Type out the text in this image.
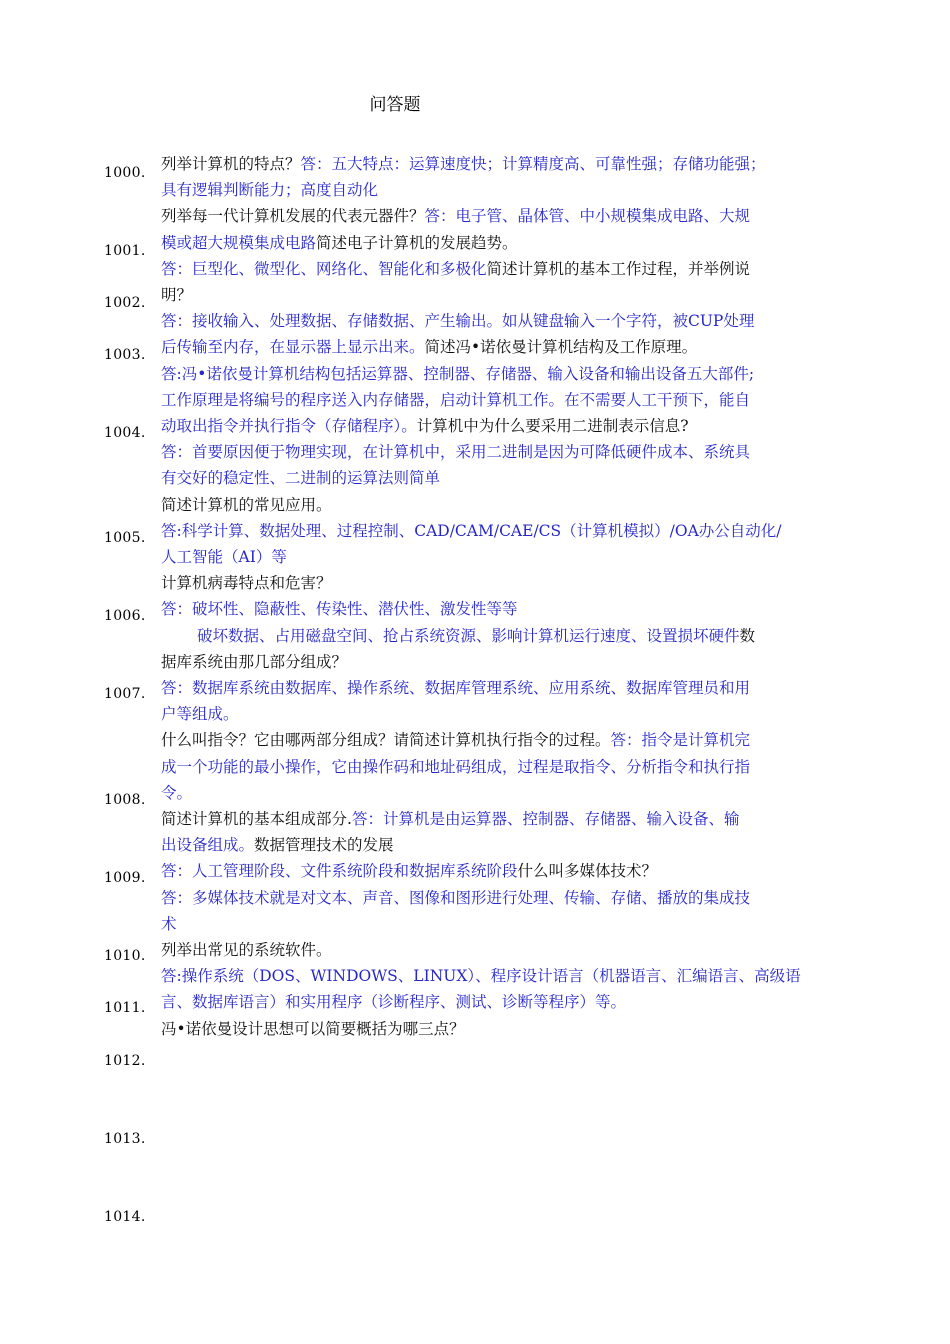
问答题
1000.
1001.
1002.
1003.
1004.
1005.
1006.
1007.
1008.
1009.
1010.
1011.
1012.
1013.
1014.
列举计算机的特点？答：五大特点：运算速度快；计算精度高、可靠性强；存储功能强；
具有逻辑判断能力；高度自动化
列举每一代计算机发展的代表元器件？答：电子管、晶体管、中小规模集成电路、大规
模或超大规模集成电路简述电子计算机的发展趋势。
答：巨型化、微型化、网络化、智能化和多极化简述计算机的基本工作过程，并举例说
明？
答：接收输入、处理数据、存储数据、产生输出。如从键盘输入一个字符，被CUP处理
后传输至内存，在显示器上显示出来。简述冯•诺依曼计算机结构及工作原理。
答:冯•诺依曼计算机结构包括运算器、控制器、存储器、输入设备和输出设备五大部件;
工作原理是将编号的程序送入内存储器，启动计算机工作。在不需要人工干预下，能自
动取出指令并执行指令（存储程序）。计算机中为什么要采用二进制表示信息?
答：首要原因便于物理实现，在计算机中，采用二进制是因为可降低硬件成本、系统具
有交好的稳定性、二进制的运算法则简单
简述计算机的常见应用。
答:科学计算、数据处理、过程控制、CAD/CAM/CAE/CS（计算机模拟）/OA办公自动化/
人工智能（AI）等
计算机病毒特点和危害？
答：破坏性、隐蔽性、传染性、潜伏性、激发性等等
破坏数据、占用磁盘空间、抢占系统资源、影响计算机运行速度、设置损坏硬件数
据库系统由那几部分组成？
答：数据库系统由数据库、操作系统、数据库管理系统、应用系统、数据库管理员和用
户等组成。
什么叫指令？它由哪两部分组成？请简述计算机执行指令的过程。答：指令是计算机完
成一个功能的最小操作，它由操作码和地址码组成，过程是取指令、分析指令和执行指
令。
简述计算机的基本组成部分.答：计算机是由运算器、控制器、存储器、输入设备、输
出设备组成。数据管理技术的发展
答：人工管理阶段、文件系统阶段和数据库系统阶段什么叫多媒体技术？
答：多媒体技术就是对文本、声音、图像和图形进行处理、传输、存储、播放的集成技
术
列举出常见的系统软件。
答:操作系统（DOS、WINDOWS、LINUX）、程序设计语言（机器语言、汇编语言、高级语
言、数据库语言）和实用程序（诊断程序、测试、诊断等程序）等。
冯•诺依曼设计思想可以简要概括为哪三点？
